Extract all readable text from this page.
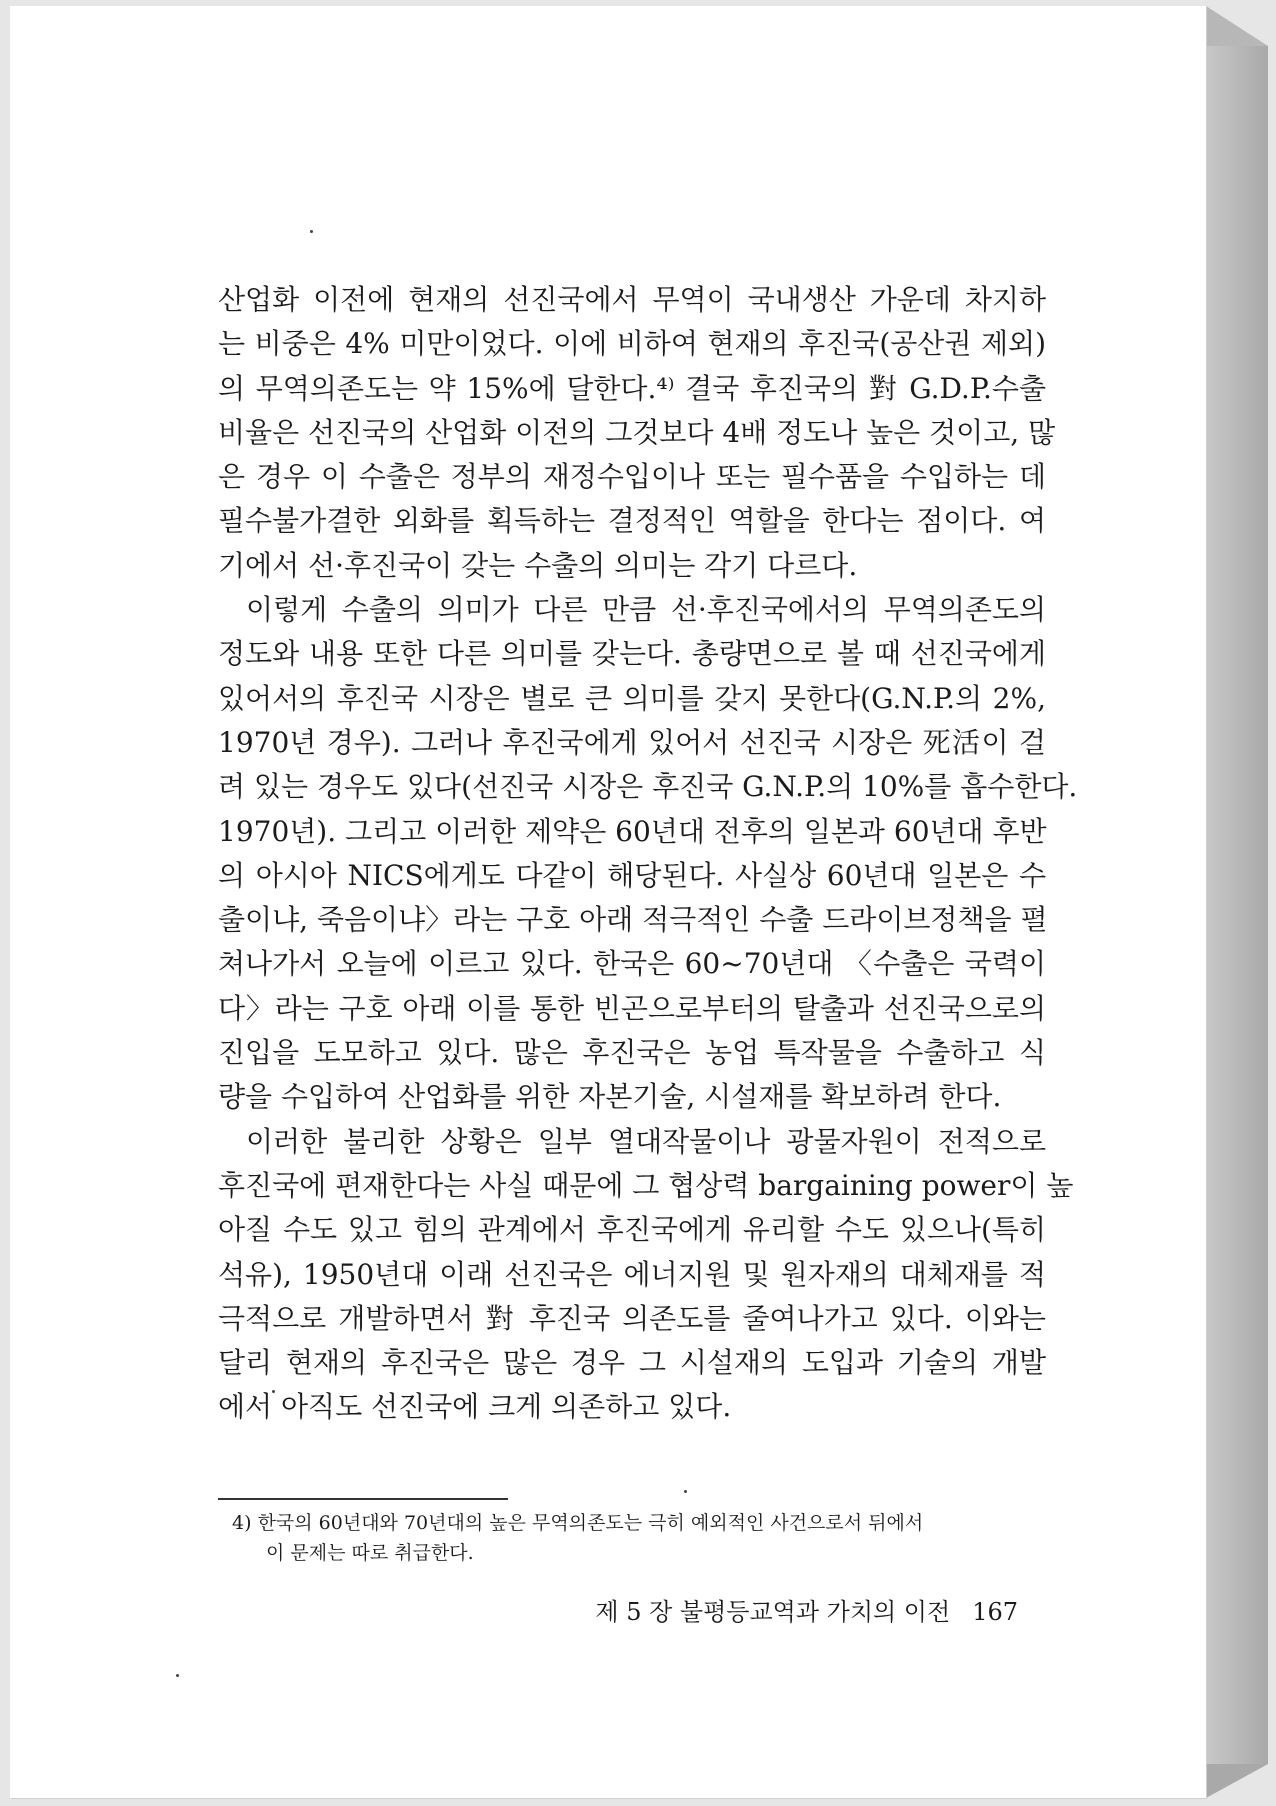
산업화 이전에 현재의 선진국에서 무역이 국내생산 가운데 차지하
는 비중은 4% 미만이었다. 이에 비하여 현재의 후진국(공산권 제외)
의 무역의존도는 약 15%에 달한다.⁴⁾ 결국 후진국의 對 G.D.P.수출
비율은 선진국의 산업화 이전의 그것보다 4배 정도나 높은 것이고, 많
은 경우 이 수출은 정부의 재정수입이나 또는 필수품을 수입하는 데
필수불가결한 외화를 획득하는 결정적인 역할을 한다는 점이다. 여
기에서 선·후진국이 갖는 수출의 의미는 각기 다르다.
이렇게 수출의 의미가 다른 만큼 선·후진국에서의 무역의존도의
정도와 내용 또한 다른 의미를 갖는다. 총량면으로 볼 때 선진국에게
있어서의 후진국 시장은 별로 큰 의미를 갖지 못한다(G.N.P.의 2%,
1970년 경우). 그러나 후진국에게 있어서 선진국 시장은 死活이 걸
려 있는 경우도 있다(선진국 시장은 후진국 G.N.P.의 10%를 흡수한다.
1970년). 그리고 이러한 제약은 60년대 전후의 일본과 60년대 후반
의 아시아 NICS에게도 다같이 해당된다. 사실상 60년대 일본은 수
출이냐, 죽음이냐〉라는 구호 아래 적극적인 수출 드라이브정책을 펼
쳐나가서 오늘에 이르고 있다. 한국은 60~70년대 〈수출은 국력이
다〉라는 구호 아래 이를 통한 빈곤으로부터의 탈출과 선진국으로의
진입을 도모하고 있다. 많은 후진국은 농업 특작물을 수출하고 식
량을 수입하여 산업화를 위한 자본기술, 시설재를 확보하려 한다.
이러한 불리한 상황은 일부 열대작물이나 광물자원이 전적으로
후진국에 편재한다는 사실 때문에 그 협상력 bargaining power이 높
아질 수도 있고 힘의 관계에서 후진국에게 유리할 수도 있으나(특히
석유), 1950년대 이래 선진국은 에너지원 및 원자재의 대체재를 적
극적으로 개발하면서 對 후진국 의존도를 줄여나가고 있다. 이와는
달리 현재의 후진국은 많은 경우 그 시설재의 도입과 기술의 개발
에서 아직도 선진국에 크게 의존하고 있다.
4) 한국의 60년대와 70년대의 높은 무역의존도는 극히 예외적인 사건으로서 뒤에서
이 문제는 따로 취급한다.
제 5 장 불평등교역과 가치의 이전 167
